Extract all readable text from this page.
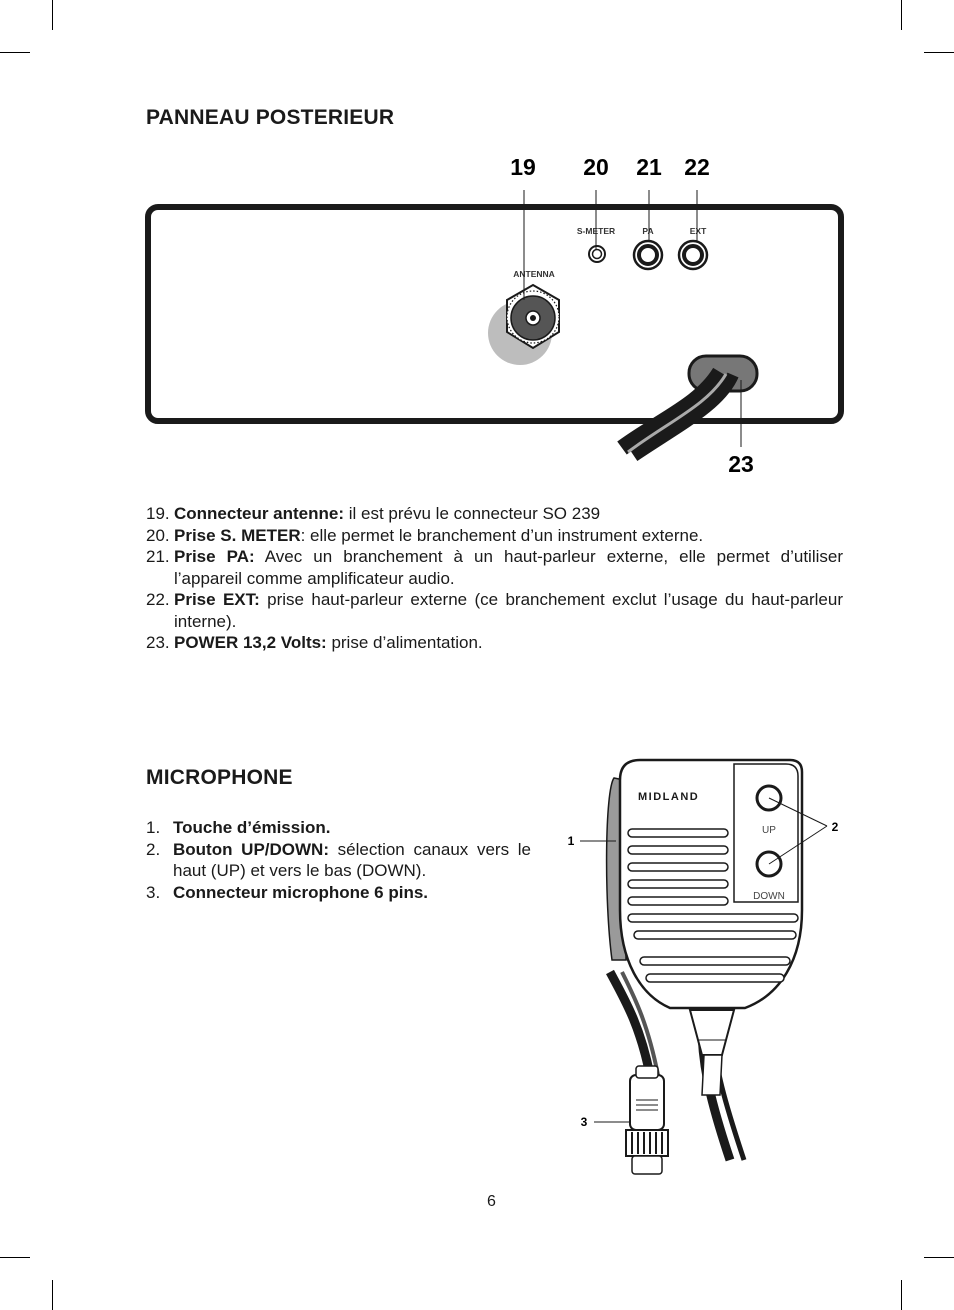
PANNEAU POSTERIEUR
19 20 21 22
23
S-METER	PA	EXT
ANTENNA

19. Connecteur antenne: il est prévu le connecteur SO 239

20. Prise S. METER: elle permet le branchement d’un instrument externe.

21. Prise PA: Avec un branchement à un haut-parleur externe, elle permet d’utiliser l’appareil comme amplificateur audio.

22. Prise EXT: prise haut-parleur externe (ce branchement exclut l’usage du haut-parleur interne).

23. POWER 13,2 Volts: prise d’alimentation.

MICROPHONE

1. Touche d’émission.

2. Bouton UP/DOWN: sélection canaux vers le haut (UP) et vers le bas (DOWN).

3. Connecteur microphone 6 pins.

MIDLAND
UP
DOWN
1
2
3
6
